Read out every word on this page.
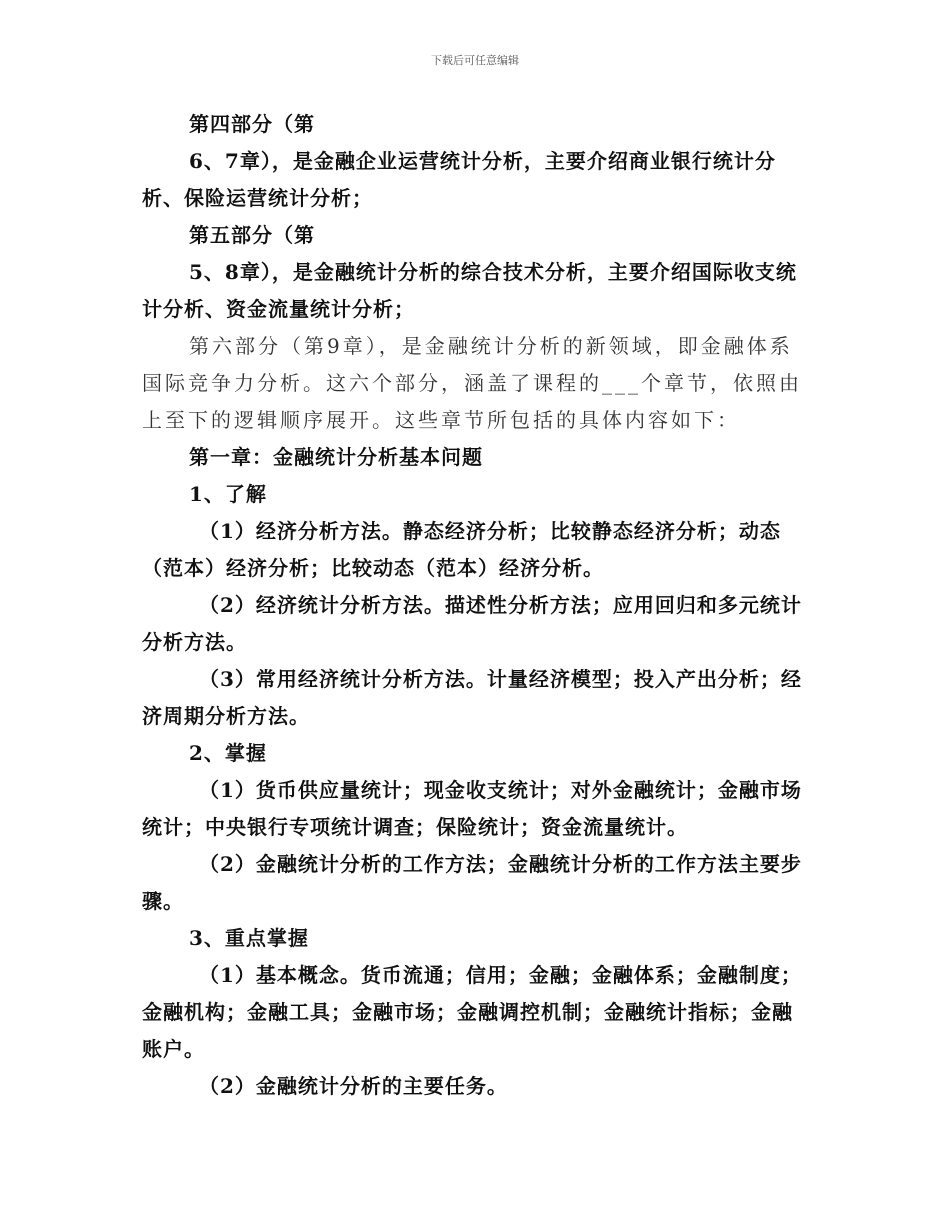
下载后可任意编辑

第四部分（第

6、7章），是金融企业运营统计分析，主要介绍商业银行统计分析、保险运营统计分析；

第五部分（第

5、8章），是金融统计分析的综合技术分析，主要介绍国际收支统计分析、资金流量统计分析；

第六部分（第9章），是金融统计分析的新领域，即金融体系国际竞争力分析。这六个部分，涵盖了课程的___个章节，依照由上至下的逻辑顺序展开。这些章节所包括的具体内容如下：

第一章：金融统计分析基本问题

1、了解

（1）经济分析方法。静态经济分析；比较静态经济分析；动态（范本）经济分析；比较动态（范本）经济分析。

（2）经济统计分析方法。描述性分析方法；应用回归和多元统计分析方法。

（3）常用经济统计分析方法。计量经济模型；投入产出分析；经济周期分析方法。

2、掌握

（1）货币供应量统计；现金收支统计；对外金融统计；金融市场统计；中央银行专项统计调查；保险统计；资金流量统计。

（2）金融统计分析的工作方法；金融统计分析的工作方法主要步骤。

3、重点掌握

（1）基本概念。货币流通；信用；金融；金融体系；金融制度；金融机构；金融工具；金融市场；金融调控机制；金融统计指标；金融账户。

（2）金融统计分析的主要任务。
